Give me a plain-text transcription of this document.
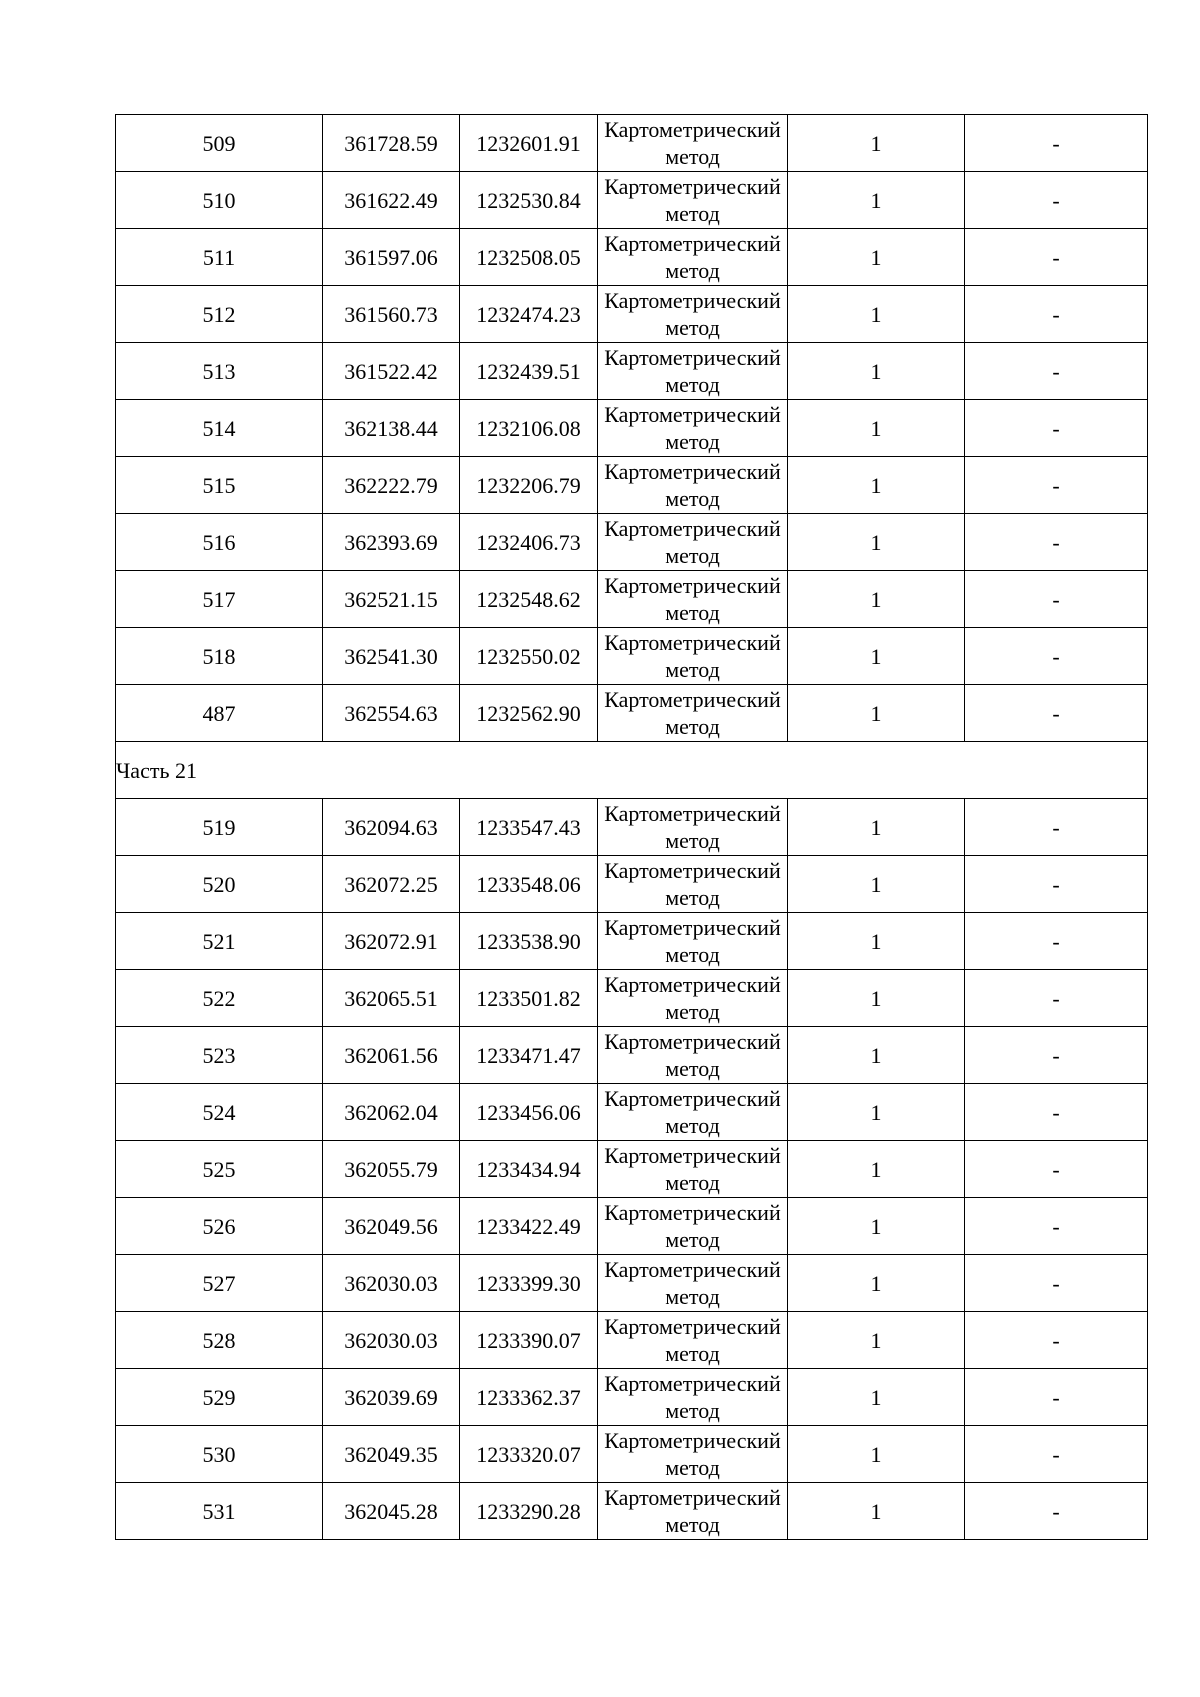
509	361728.59	1232601.91	Картометрический метод	1	-
510	361622.49	1232530.84	Картометрический метод	1	-
511	361597.06	1232508.05	Картометрический метод	1	-
512	361560.73	1232474.23	Картометрический метод	1	-
513	361522.42	1232439.51	Картометрический метод	1	-
514	362138.44	1232106.08	Картометрический метод	1	-
515	362222.79	1232206.79	Картометрический метод	1	-
516	362393.69	1232406.73	Картометрический метод	1	-
517	362521.15	1232548.62	Картометрический метод	1	-
518	362541.30	1232550.02	Картометрический метод	1	-
487	362554.63	1232562.90	Картометрический метод	1	-
Часть 21					
519	362094.63	1233547.43	Картометрический метод	1	-
520	362072.25	1233548.06	Картометрический метод	1	-
521	362072.91	1233538.90	Картометрический метод	1	-
522	362065.51	1233501.82	Картометрический метод	1	-
523	362061.56	1233471.47	Картометрический метод	1	-
524	362062.04	1233456.06	Картометрический метод	1	-
525	362055.79	1233434.94	Картометрический метод	1	-
526	362049.56	1233422.49	Картометрический метод	1	-
527	362030.03	1233399.30	Картометрический метод	1	-
528	362030.03	1233390.07	Картометрический метод	1	-
529	362039.69	1233362.37	Картометрический метод	1	-
530	362049.35	1233320.07	Картометрический метод	1	-
531	362045.28	1233290.28	Картометрический метод	1	-
